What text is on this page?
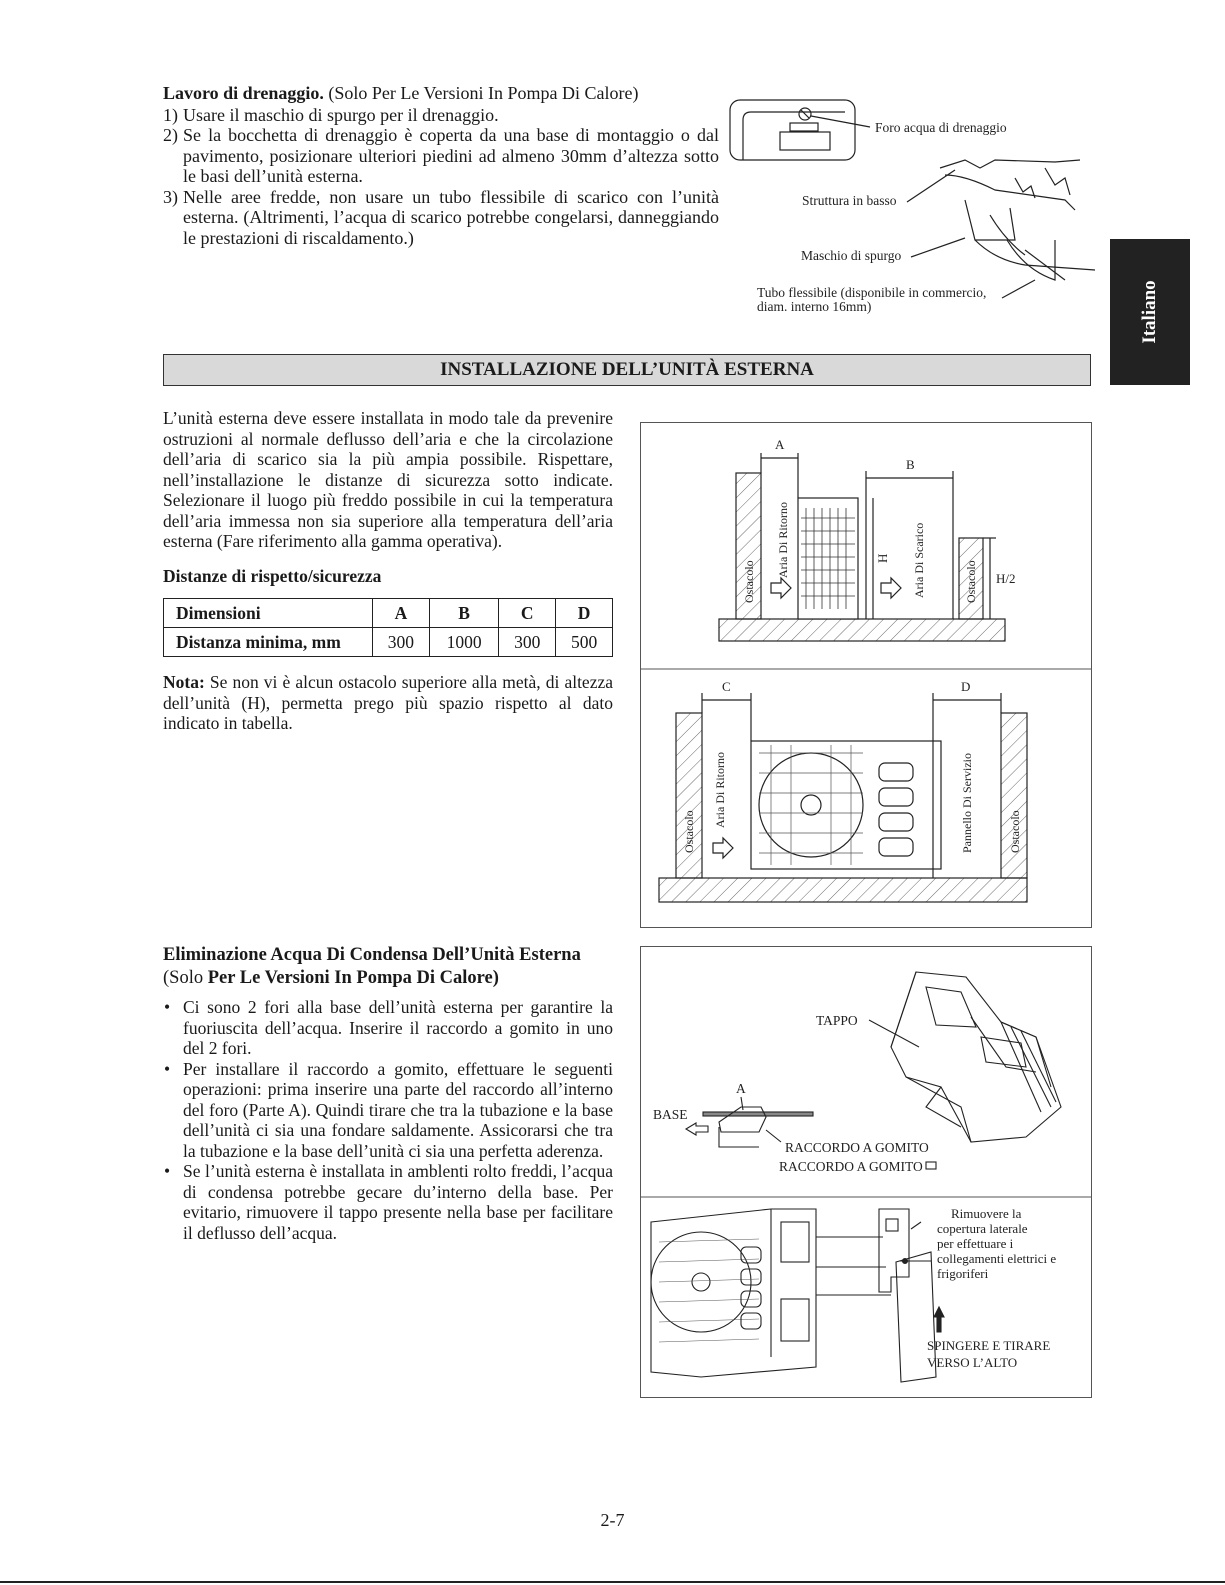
Italiano
Lavoro di drenaggio. (Solo Per Le Versioni In Pompa Di Calore)
1) Usare il maschio di spurgo per il drenaggio.
2) Se la bocchetta di drenaggio è coperta da una base di montaggio o dal pavimento, posizionare ulteriori piedini ad almeno 30mm d’altezza sotto le basi dell’unità esterna.
3) Nelle aree fredde, non usare un tubo flessibile di scarico con l’unità esterna. (Altrimenti, l’acqua di scarico potrebbe congelarsi, danneggiando le prestazioni di riscaldamento.)
Foro acqua di drenaggio
Struttura in basso
Maschio di spurgo
Tubo flessibile (disponibile in commercio,
diam. interno 16mm)
INSTALLAZIONE DELL’UNITÀ ESTERNA
L’unità esterna deve essere installata in modo tale da prevenire ostruzioni al normale deflusso dell’aria e che la circolazione dell’aria di scarico sia la più ampia possibile. Rispettare, nell’installazione le distanze di sicurezza sotto indicate. Selezionare il luogo più freddo possibile in cui la temperatura dell’aria immessa non sia superiore alla temperatura dell’aria esterna (Fare riferimento alla gamma operativa).
Distanze di rispetto/sicurezza
Dimensioni	A	B	C	D
Distanza minima, mm	300	1000	300	500
Nota: Se non vi è alcun ostacolo superiore alla metà, di altezza dell’unità (H), permetta prego più spazio rispetto al dato indicato in tabella.
A
B
H
H/2
Ostacolo
Aria Di Ritorno	Aria Di Scarico	Ostacolo
C	D
Ostacolo
Aria Di Ritorno	Pannello Di Servizio	Ostacolo
Eliminazione Acqua Di Condensa Dell’Unità Esterna
(Solo Per Le Versioni In Pompa Di Calore)
• Ci sono 2 fori alla base dell’unità esterna per garantire la fuoriuscita dell’acqua. Inserire il raccordo a gomito in uno del 2 fori.
• Per installare il raccordo a gomito, effettuare le seguenti operazioni: prima inserire una parte del raccordo all’interno del foro (Parte A). Quindi tirare che tra la tubazione e la base dell’unità ci sia una fondare saldamente. Assicorarsi che tra la tubazione e la base dell’unità ci sia una perfetta aderenza.
• Se l’unità esterna è installata in amblenti rolto freddi, l’acqua di condensa potrebbe gecare du’interno della base. Per evitario, rimuovere il tappo presente nella base per facilitare il deflusso dell’acqua.
TAPPO
A
BASE
RACCORDO A GOMITO
RACCORDO A GOMITO
Rimuovere la
copertura laterale
per effettuare i
collegamenti elettrici e
frigoriferi
SPINGERE E TIRARE
VERSO L’ALTO
2-7
